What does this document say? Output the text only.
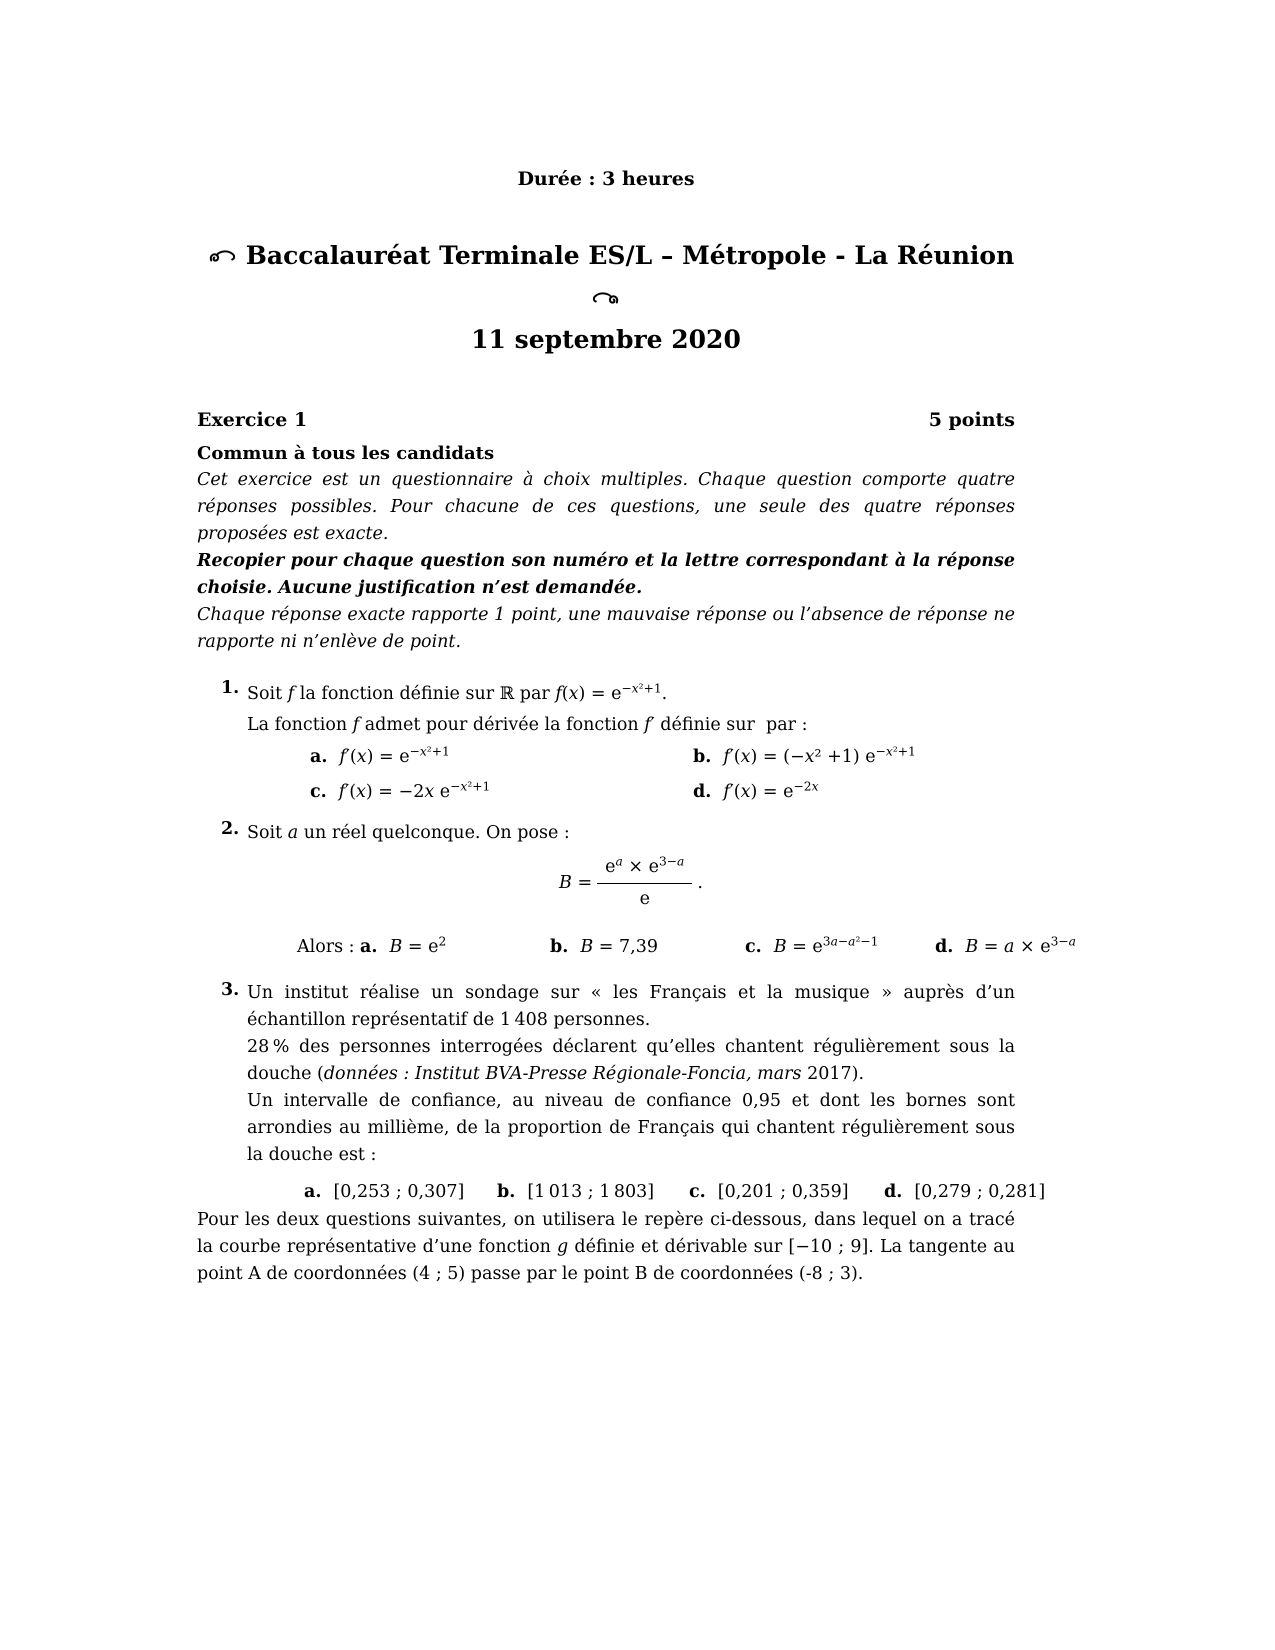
Durée : 3 heures
Baccalauréat Terminale ES/L – Métropole - La Réunion
11 septembre 2020
Exercice 1	5 points
Commun à tous les candidats

Cet exercice est un questionnaire à choix multiples. Chaque question comporte quatre réponses possibles. Pour chacune de ces questions, une seule des quatre réponses proposées est exacte.

Recopier pour chaque question son numéro et la lettre correspondant à la réponse choisie. Aucune justification n’est demandée.

Chaque réponse exacte rapporte 1 point, une mauvaise réponse ou l’absence de réponse ne rapporte ni n’enlève de point.

1. Soit f la fonction définie sur ℝ par $f(x) = e^{-x^2+1}$.
La fonction f admet pour dérivée la fonction f′ définie sur  par :
a. $f'(x) = e^{-x^2+1}$	b. f′(x) = (−x² +1) $e^{-x^2+1}$
c. f′(x) = −2x $e^{-x^2+1}$	d. $f'(x) = e^{-2x}$
2. Soit a un réel quelconque. On pose :
$B = \frac{e^a \times e^{3-a}}{e}$ .
Alors : a. $B = e^2$	b. B = 7,39	c. $B = e^{3a-a^2-1}$	d. $B = a \times e^{3-a}$
3. Un institut réalise un sondage sur « les Français et la musique » auprès d’un échantillon représentatif de 1 408 personnes.

28 % des personnes interrogées déclarent qu’elles chantent régulièrement sous la douche (données : Institut BVA-Presse Régionale-Foncia, mars 2017).

Un intervalle de confiance, au niveau de confiance 0,95 et dont les bornes sont arrondies au millième, de la proportion de Français qui chantent régulièrement sous la douche est :

a. [0,253 ; 0,307] b. [1 013 ; 1 803] c. [0,201 ; 0,359] d. [0,279 ; 0,281]

Pour les deux questions suivantes, on utilisera le repère ci-dessous, dans lequel on a tracé la courbe représentative d’une fonction g définie et dérivable sur [−10 ; 9]. La tangente au point A de coordonnées (4 ; 5) passe par le point B de coordonnées (-8 ; 3).
